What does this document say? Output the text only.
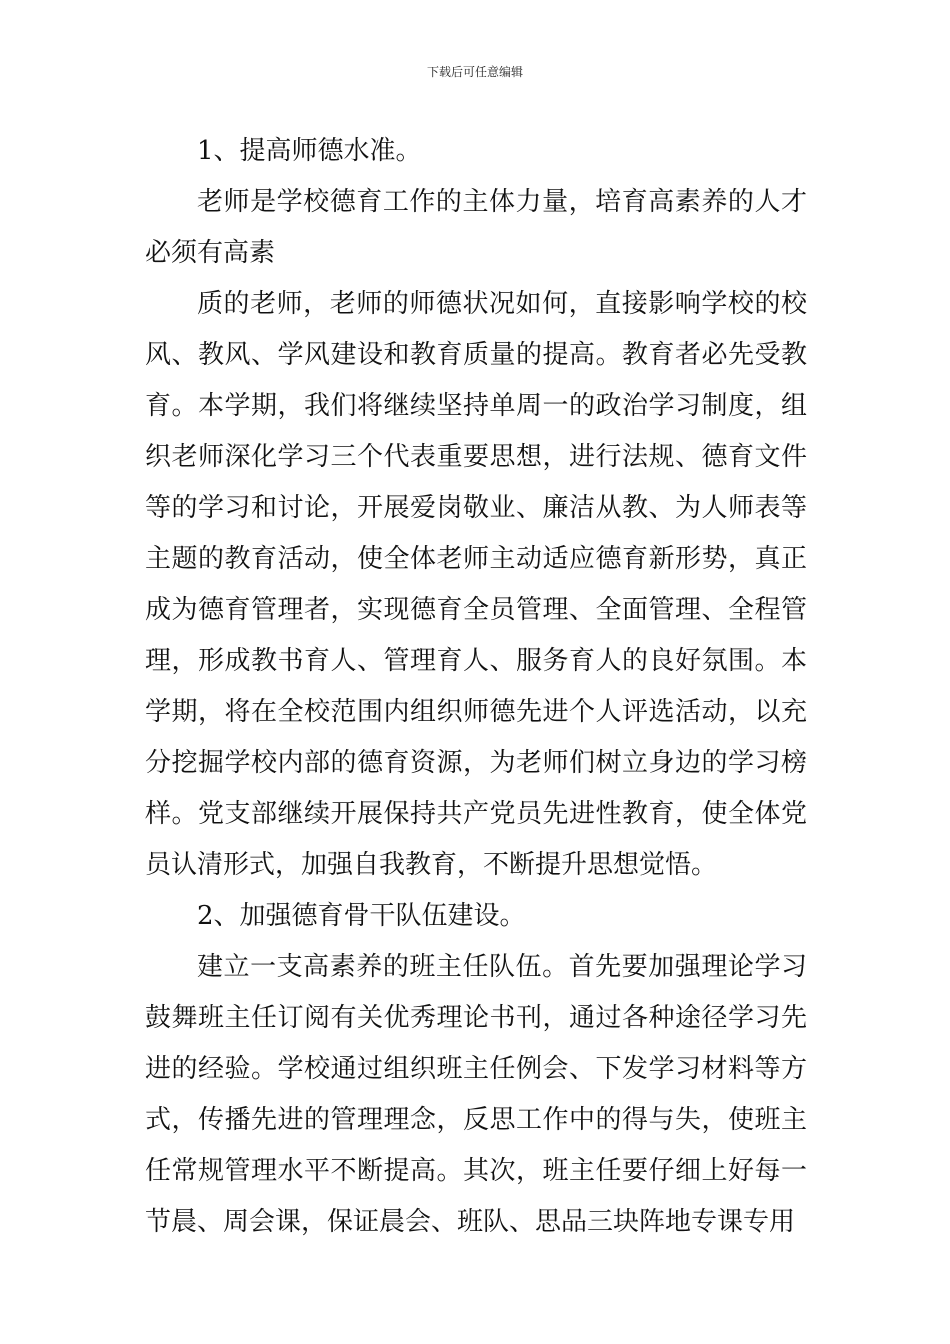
下载后可任意编辑

1、提高师德水准。

老师是学校德育工作的主体力量，培育高素养的人才必须有高素

质的老师，老师的师德状况如何，直接影响学校的校风、教风、学风建设和教育质量的提高。教育者必先受教育。本学期，我们将继续坚持单周一的政治学习制度，组织老师深化学习三个代表重要思想，进行法规、德育文件等的学习和讨论，开展爱岗敬业、廉洁从教、为人师表等主题的教育活动，使全体老师主动适应德育新形势，真正成为德育管理者，实现德育全员管理、全面管理、全程管理，形成教书育人、管理育人、服务育人的良好氛围。本学期，将在全校范围内组织师德先进个人评选活动，以充分挖掘学校内部的德育资源，为老师们树立身边的学习榜样。党支部继续开展保持共产党员先进性教育，使全体党员认清形式，加强自我教育，不断提升思想觉悟。

2、加强德育骨干队伍建设。

建立一支高素养的班主任队伍。首先要加强理论学习鼓舞班主任订阅有关优秀理论书刊，通过各种途径学习先进的经验。学校通过组织班主任例会、下发学习材料等方式，传播先进的管理理念，反思工作中的得与失，使班主任常规管理水平不断提高。其次，班主任要仔细上好每一节晨、周会课，保证晨会、班队、思品三块阵地专课专用
